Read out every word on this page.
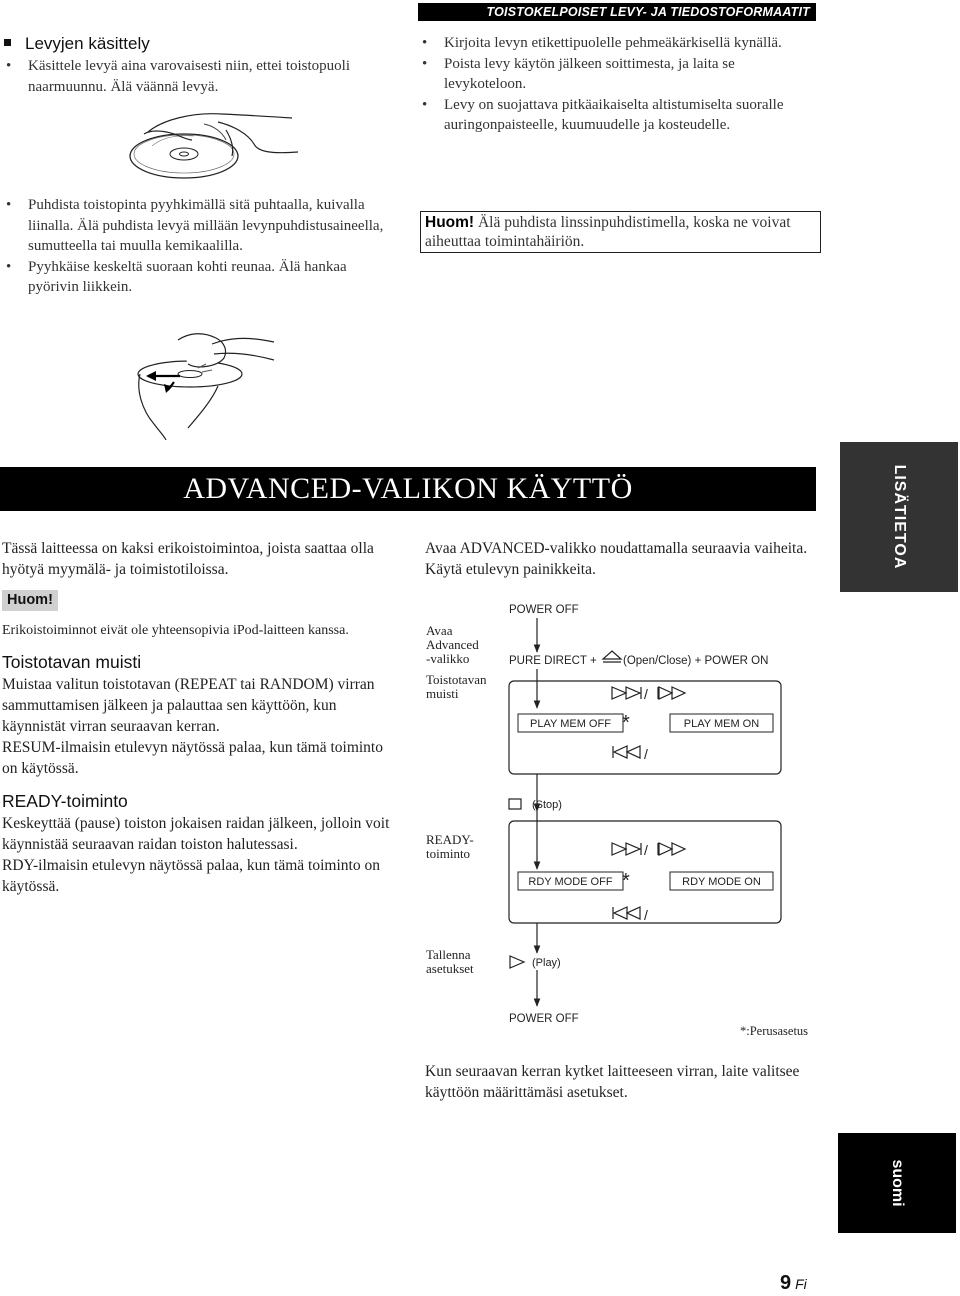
TOISTOKELPOISET LEVY- JA TIEDOSTOFORMAATIT
Levyjen käsittely
• Käsittele levyä aina varovaisesti niin, ettei toistopuoli naarmuunnu. Älä väännä levyä.
• Puhdista toistopinta pyyhkimällä sitä puhtaalla, kuivalla liinalla. Älä puhdista levyä millään levynpuhdistusaineella, sumutteella tai muulla kemikaalilla.
• Pyyhkäise keskeltä suoraan kohti reunaa. Älä hankaa pyörivin liikkein.
• Kirjoita levyn etikettipuolelle pehmeäkärkisellä kynällä.
• Poista levy käytön jälkeen soittimesta, ja laita se levykoteloon.
• Levy on suojattava pitkäaikaiselta altistumiselta suoralle auringonpaisteelle, kuumuudelle ja kosteudelle.
Huom! Älä puhdista linssinpuhdistimella, koska ne voivat aiheuttaa toimintahäiriön.
ADVANCED-VALIKON KÄYTTÖ	LISÄTIETOA
Tässä laitteessa on kaksi erikoistoimintoa, joista saattaa olla hyötyä myymälä- ja toimistotiloissa.
Huom!
Erikoistoiminnot eivät ole yhteensopivia iPod-laitteen kanssa.
Toistotavan muisti
Muistaa valitun toistotavan (REPEAT tai RANDOM) virran sammuttamisen jälkeen ja palauttaa sen käyttöön, kun käynnistät virran seuraavan kerran.
RESUM-ilmaisin etulevyn näytössä palaa, kun tämä toiminto on käytössä.
READY-toiminto
Keskeyttää (pause) toiston jokaisen raidan jälkeen, jolloin voit käynnistää seuraavan raidan toiston halutessasi.
RDY-ilmaisin etulevyn näytössä palaa, kun tämä toiminto on käytössä.
Avaa ADVANCED-valikko noudattamalla seuraavia vaiheita. Käytä etulevyn painikkeita.
Avaa
Advanced
-valikko
Toistotavan
muisti
READY-
toiminto
Tallenna
asetukset
POWER OFF
PURE DIRECT + (Open/Close) + POWER ON
PLAY MEM OFF	PLAY MEM ON
*
/
/
(Stop)
RDY MODE OFF	RDY MODE ON
*
/
/
(Play)
POWER OFF
*:Perusasetus
Kun seuraavan kerran kytket laitteeseen virran, laite valitsee käyttöön määrittämäsi asetukset.
suomi
9 Fi
